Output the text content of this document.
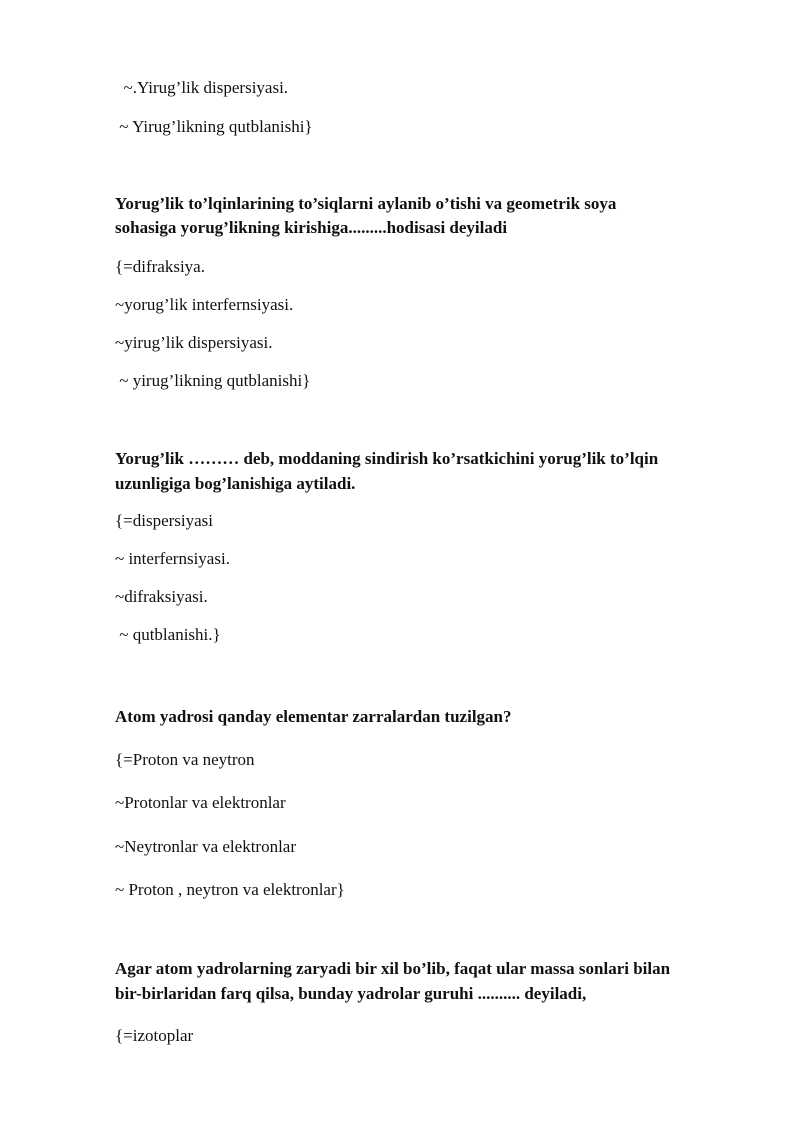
~.Yirug’lik dispersiyasi.
~ Yirug’likning qutblanishi}
Yorug’lik to’lqinlarining to’siqlarni aylanib o’tishi va geometrik soya
sohasiga yorug’likning kirishiga.........hodisasi deyiladi
{=difraksiya.
~yorug’lik interfernsiyasi.
~yirug’lik dispersiyasi.
~ yirug’likning qutblanishi}
Yorug’lik ……… deb, moddaning sindirish ko’rsatkichini yorug’lik to’lqin
uzunligiga bog’lanishiga aytiladi.
{=dispersiyasi
~ interfernsiyasi.
~difraksiyasi.
~ qutblanishi.}
Atom yadrosi qanday elementar zarralardan tuzilgan?
{=Proton va neytron
~Protonlar va elektronlar
~Neytronlar va elektronlar
~ Proton , neytron va elektronlar}
Agar atom yadrolarning zaryadi bir xil bo’lib, faqat ular massa sonlari bilan
bir-birlaridan farq qilsa, bunday yadrolar guruhi .......... deyiladi,
{=izotoplar
